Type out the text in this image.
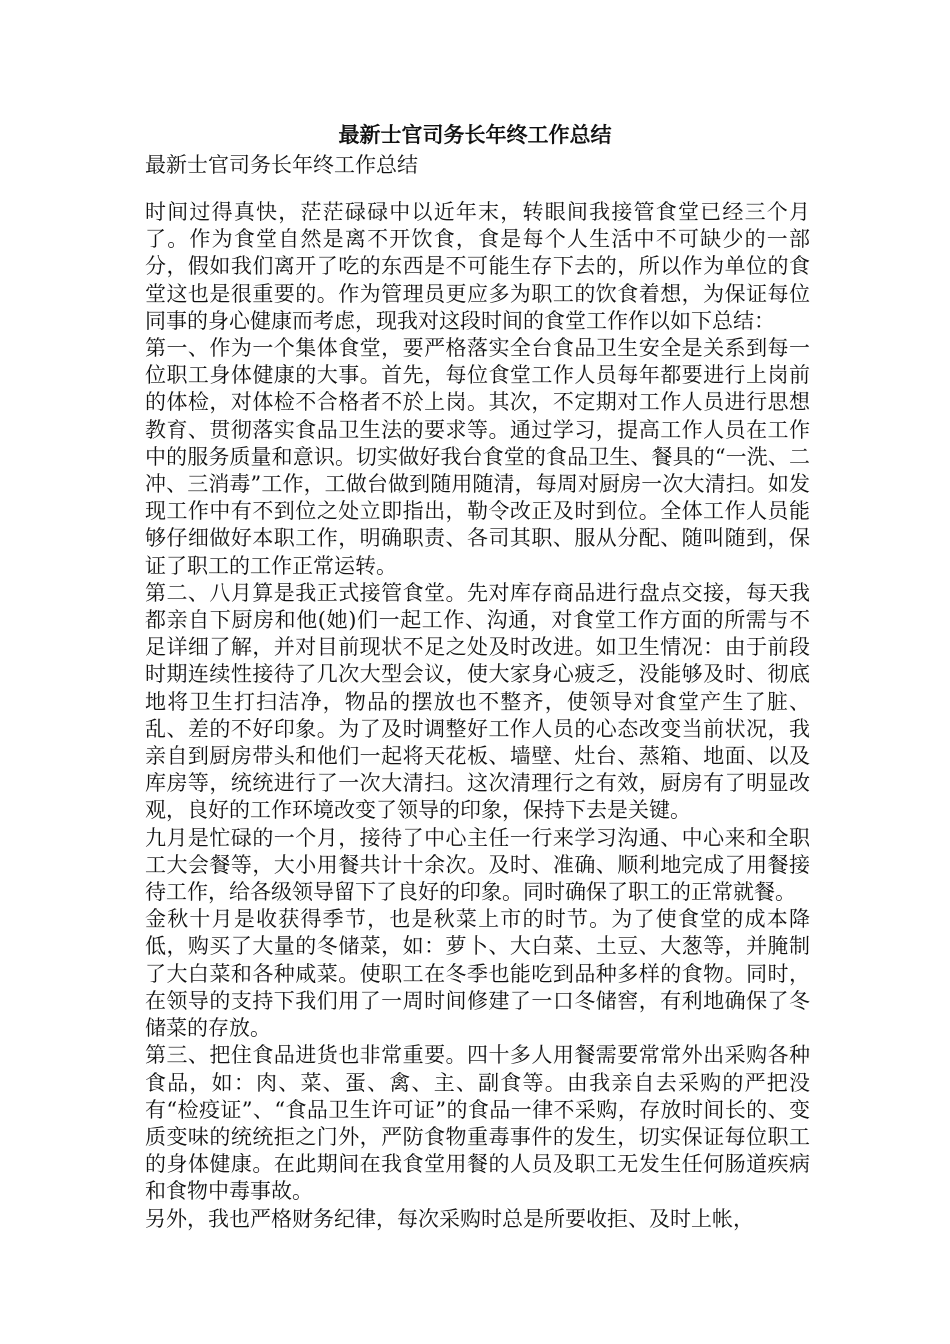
最新士官司务长年终工作总结

最新士官司务长年终工作总结

时间过得真快，茫茫碌碌中以近年末，转眼间我接管食堂已经三个月了。作为食堂自然是离不开饮食，食是每个人生活中不可缺少的一部分，假如我们离开了吃的东西是不可能生存下去的，所以作为单位的食堂这也是很重要的。作为管理员更应多为职工的饮食着想，为保证每位同事的身心健康而考虑，现我对这段时间的食堂工作作以如下总结：

第一、作为一个集体食堂，要严格落实全台食品卫生安全是关系到每一位职工身体健康的大事。首先，每位食堂工作人员每年都要进行上岗前的体检，对体检不合格者不於上岗。其次，不定期对工作人员进行思想教育、贯彻落实食品卫生法的要求等。通过学习，提高工作人员在工作中的服务质量和意识。切实做好我台食堂的食品卫生、餐具的“一洗、二冲、三消毒”工作，工做台做到随用随清，每周对厨房一次大清扫。如发现工作中有不到位之处立即指出，勒令改正及时到位。全体工作人员能够仔细做好本职工作，明确职责、各司其职、服从分配、随叫随到，保证了职工的工作正常运转。

第二、八月算是我正式接管食堂。先对库存商品进行盘点交接，每天我都亲自下厨房和他(她)们一起工作、沟通，对食堂工作方面的所需与不足详细了解，并对目前现状不足之处及时改进。如卫生情况：由于前段时期连续性接待了几次大型会议，使大家身心疲乏，没能够及时、彻底地将卫生打扫洁净，物品的摆放也不整齐，使领导对食堂产生了脏、乱、差的不好印象。为了及时调整好工作人员的心态改变当前状况，我亲自到厨房带头和他们一起将天花板、墙壁、灶台、蒸箱、地面、以及库房等，统统进行了一次大清扫。这次清理行之有效，厨房有了明显改观，良好的工作环境改变了领导的印象，保持下去是关键。

九月是忙碌的一个月，接待了中心主任一行来学习沟通、中心来和全职工大会餐等，大小用餐共计十余次。及时、准确、顺利地完成了用餐接待工作，给各级领导留下了良好的印象。同时确保了职工的正常就餐。

金秋十月是收获得季节，也是秋菜上市的时节。为了使食堂的成本降低，购买了大量的冬储菜，如：萝卜、大白菜、土豆、大葱等，并腌制了大白菜和各种咸菜。使职工在冬季也能吃到品种多样的食物。同时，在领导的支持下我们用了一周时间修建了一口冬储窖，有利地确保了冬储菜的存放。

第三、把住食品进货也非常重要。四十多人用餐需要常常外出采购各种食品，如：肉、菜、蛋、禽、主、副食等。由我亲自去采购的严把没有“检疫证”、“食品卫生许可证”的食品一律不采购，存放时间长的、变质变味的统统拒之门外，严防食物重毒事件的发生，切实保证每位职工的身体健康。在此期间在我食堂用餐的人员及职工无发生任何肠道疾病和食物中毒事故。

另外，我也严格财务纪律，每次采购时总是所要收拒、及时上帐，
